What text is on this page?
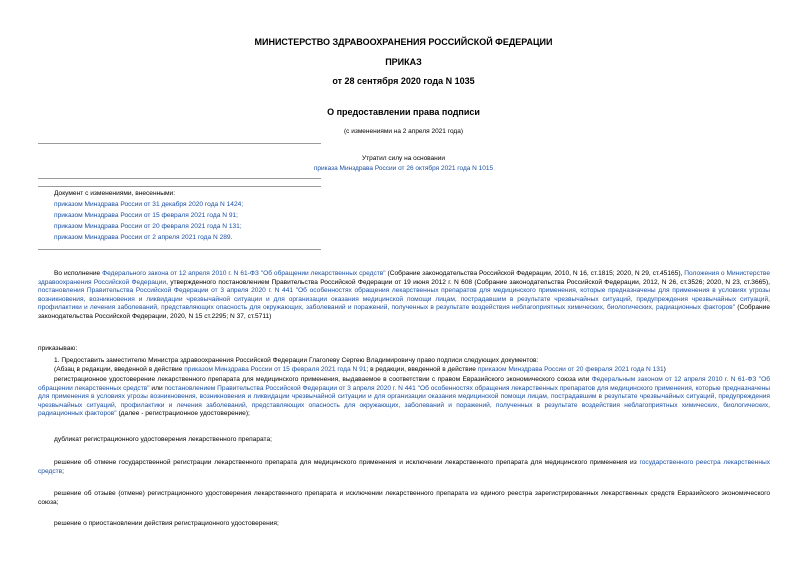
МИНИСТЕРСТВО ЗДРАВООХРАНЕНИЯ РОССИЙСКОЙ ФЕДЕРАЦИИ
ПРИКАЗ
от 28 сентября 2020 года N 1035
О предоставлении права подписи
(с изменениями на 2 апреля 2021 года)
Утратил силу на основании
приказа Минздрава России от 26 октября 2021 года N 1015
Документ с изменениями, внесенными:
приказом Минздрава России от 31 декабря 2020 года N 1424;
приказом Минздрава России от 15 февраля 2021 года N 91;
приказом Минздрава России от 20 февраля 2021 года N 131;
приказом Минздрава России от 2 апреля 2021 года N 289.

Во исполнение Федерального закона от 12 апреля 2010 г. N 61-ФЗ "Об обращении лекарственных средств" (Собрание законодательства Российской Федерации, 2010, N 16, ст.1815; 2020, N 29, ст.45165), Положения о Министерстве здравоохранения Российской Федерации, утвержденного постановлением Правительства Российской Федерации от 19 июня 2012 г. N 608 (Собрание законодательства Российской Федерации, 2012, N 26, ст.3526; 2020, N 23, ст.3665), постановления Правительства Российской Федерации от 3 апреля 2020 г. N 441 "Об особенностях обращения лекарственных препаратов для медицинского применения, которые предназначены для применения в условиях угрозы возникновения, возникновения и ликвидации чрезвычайной ситуации и для организации оказания медицинской помощи лицам, пострадавшим в результате чрезвычайных ситуаций, предупреждения чрезвычайных ситуаций, профилактики и лечения заболеваний, представляющих опасность для окружающих, заболеваний и поражений, полученных в результате воздействия неблагоприятных химических, биологических, радиационных факторов" (Собрание законодательства Российской Федерации, 2020, N 15 ст.2295; N 37, ст.5711)

приказываю:
1. Предоставить заместителю Министра здравоохранения Российской Федерации Глаголеву Сергею Владимировичу право подписи следующих документов:
(Абзац в редакции, введенной в действие приказом Минздрава России от 15 февраля 2021 года N 91; в редакции, введенной в действие приказом Минздрава России от 20 февраля 2021 года N 131)

регистрационное удостоверение лекарственного препарата для медицинского применения, выдаваемое в соответствии с правом Евразийского экономического союза или Федеральным законом от 12 апреля 2010 г. N 61-ФЗ "Об обращении лекарственных средств" или постановлением Правительства Российской Федерации от 3 апреля 2020 г. N 441 "Об особенностях обращения лекарственных препаратов для медицинского применения, которые предназначены для применения в условиях угрозы возникновения, возникновения и ликвидации чрезвычайной ситуации и для организации оказания медицинской помощи лицам, пострадавшим в результате чрезвычайных ситуаций, предупреждения чрезвычайных ситуаций, профилактики и лечения заболеваний, представляющих опасность для окружающих, заболеваний и поражений, полученных в результате воздействия неблагоприятных химических, биологических, радиационных факторов" (далее - регистрационное удостоверение);

дубликат регистрационного удостоверения лекарственного препарата;

решение об отмене государственной регистрации лекарственного препарата для медицинского применения и исключении лекарственного препарата для медицинского применения из государственного реестра лекарственных средств;

решение об отзыве (отмене) регистрационного удостоверения лекарственного препарата и исключении лекарственного препарата из единого реестра зарегистрированных лекарственных средств Евразийского экономического союза;

решение о приостановлении действия регистрационного удостоверения;
